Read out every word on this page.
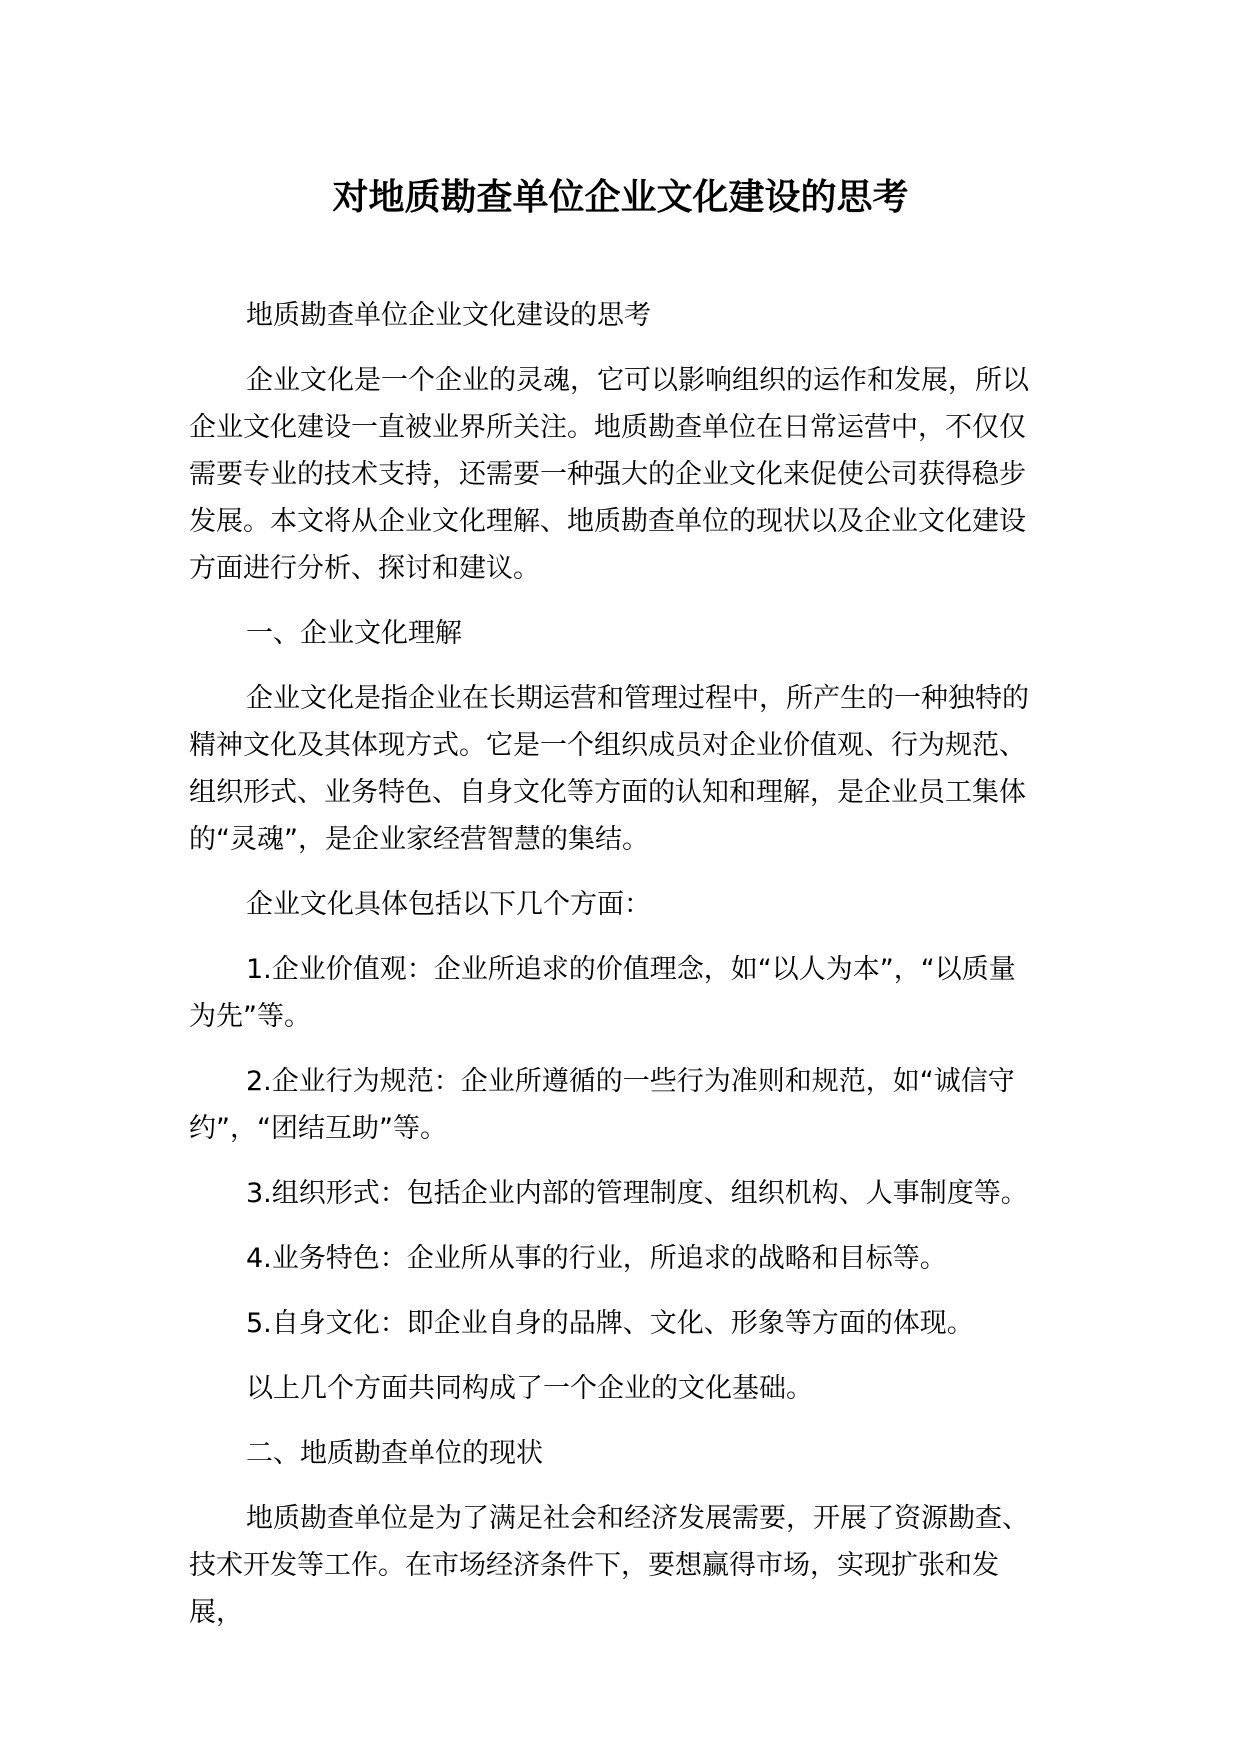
对地质勘查单位企业文化建设的思考

地质勘查单位企业文化建设的思考

企业文化是一个企业的灵魂，它可以影响组织的运作和发展，所以企业文化建设一直被业界所关注。地质勘查单位在日常运营中，不仅仅需要专业的技术支持，还需要一种强大的企业文化来促使公司获得稳步发展。本文将从企业文化理解、地质勘查单位的现状以及企业文化建设方面进行分析、探讨和建议。

一、企业文化理解

企业文化是指企业在长期运营和管理过程中，所产生的一种独特的精神文化及其体现方式。它是一个组织成员对企业价值观、行为规范、组织形式、业务特色、自身文化等方面的认知和理解，是企业员工集体的“灵魂”，是企业家经营智慧的集结。

企业文化具体包括以下几个方面：

1.企业价值观：企业所追求的价值理念，如“以人为本”，“以质量为先”等。

2.企业行为规范：企业所遵循的一些行为准则和规范，如“诚信守约”，“团结互助”等。

3.组织形式：包括企业内部的管理制度、组织机构、人事制度等。

4.业务特色：企业所从事的行业，所追求的战略和目标等。

5.自身文化：即企业自身的品牌、文化、形象等方面的体现。

以上几个方面共同构成了一个企业的文化基础。

二、地质勘查单位的现状

地质勘查单位是为了满足社会和经济发展需要，开展了资源勘查、技术开发等工作。在市场经济条件下，要想赢得市场，实现扩张和发展，
